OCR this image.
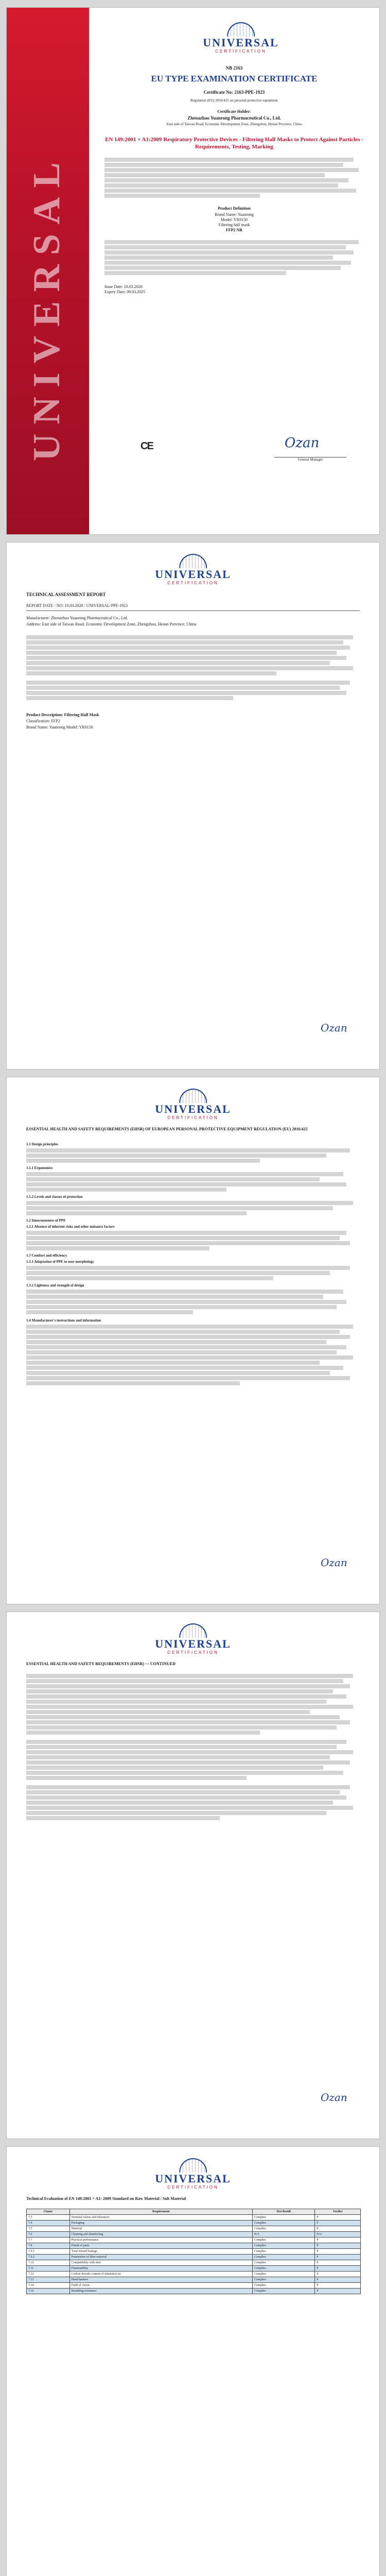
UNIVERSAL
UNIVERSAL
CERTIFICATION
NB 2163
EU TYPE EXAMINATION CERTIFICATE
Certificate No: 2163-PPE-1923
Regulation (EU) 2016/425 on personal protective equipment
Certificate Holder:
Zhenazhao Yuanrong Pharmaceutical Co., Ltd.
East side of Taiwan Road, Economic Development Zone, Zhengzhou, Henan Province, China
EN 149:2001 + A1:2009 Respiratory Protective Devices - Filtering Half Masks to Protect Against Particles - Requirements, Testing, Marking
Product Definition
Brand Name: Yuanrong
Model: YR9150
Filtering half mask
FFP2 NR
Issue Date: 10.03.2020
Expiry Date: 09.03.2025
CE	Ozan
General Manager
UNIVERSAL
CERTIFICATION
TECHNICAL ASSESSMENT REPORT
REPORT DATE / NO: 10.03.2020 / UNIVERSAL-PPE-1923
Manufacturer: Zhenazhao Yuanrong Pharmaceutical Co., Ltd.
Address: East side of Taiwan Road, Economic Development Zone, Zhengzhou, Henan Province, China
Product Description: Filtering Half Mask
Classification: FFP2
Brand Name: Yuanrong Model: YR9150
Ozan
UNIVERSAL
CERTIFICATION
ESSENTIAL HEALTH AND SAFETY REQUIREMENTS (EHSR) OF EUROPEAN PERSONAL PROTECTIVE EQUIPMENT REGULATION (EU) 2016/425
1.1 Design principles
1.1.1 Ergonomics
1.1.2 Levels and classes of protection
1.2 Innocuousness of PPE
1.2.1 Absence of inherent risks and other nuisance factors
1.3 Comfort and efficiency
1.3.1 Adaptation of PPE to user morphology
1.3.2 Lightness and strength of design
1.4 Manufacturer's instructions and information
Ozan
UNIVERSAL
CERTIFICATION
ESSENTIAL HEALTH AND SAFETY REQUIREMENTS (EHSR) — CONTINUED
Ozan
UNIVERSAL
CERTIFICATION
Technical Evaluation of EN 149:2001 + A1: 2009 Standard on Raw Material / Sub Material
Clause	Requirement	Test Result	Verdict
7.3	Nominal values and tolerances	Complies	P
7.4	Packaging	Complies	P
7.5	Material	Complies	P
7.6	Cleaning and disinfecting	N/A	N/A
7.7	Practical performance	Complies	P
7.8	Finish of parts	Complies	P
7.9.1	Total inward leakage	Complies	P
7.9.2	Penetration of filter material	Complies	P
7.10	Compatibility with skin	Complies	P
7.11	Flammability	Complies	P
7.12	Carbon dioxide content of inhalation air	Complies	P
7.13	Head harness	Complies	P
7.14	Field of vision	Complies	P
7.16	Breathing resistance	Complies	P
